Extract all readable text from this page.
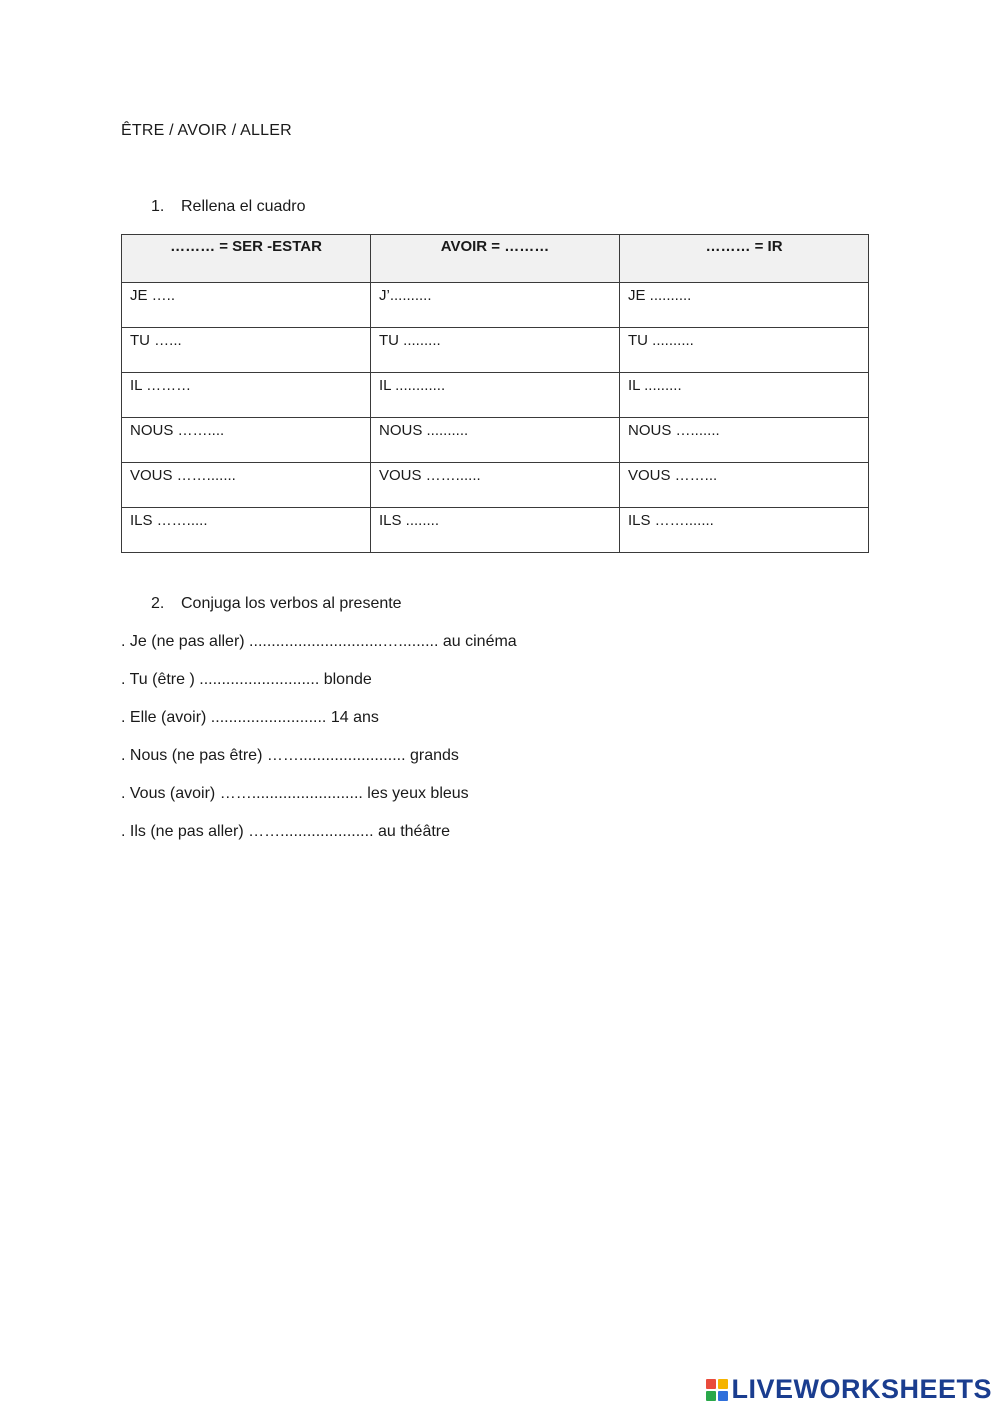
ÊTRE / AVOIR / ALLER
1. Rellena el cuadro
……… = SER -ESTAR	AVOIR = ………	……… = IR
JE …..	J’..........	JE ..........
TU …...	TU .........	TU ..........
IL ………	IL ............	IL .........
NOUS ……....	NOUS ..........	NOUS ….......
VOUS …….......	VOUS ……......	VOUS ……...
ILS …….....	ILS ........	ILS …….......
2. Conjuga los verbos al presente
. Je (ne pas aller) ..............................…......... au cinéma
. Tu (être ) ........................... blonde
. Elle (avoir) .......................... 14 ans
. Nous (ne pas être) ……........................ grands
. Vous (avoir) ……......................... les yeux bleus
. Ils (ne pas aller) ……..................... au théâtre
LIVEWORKSHEETS
